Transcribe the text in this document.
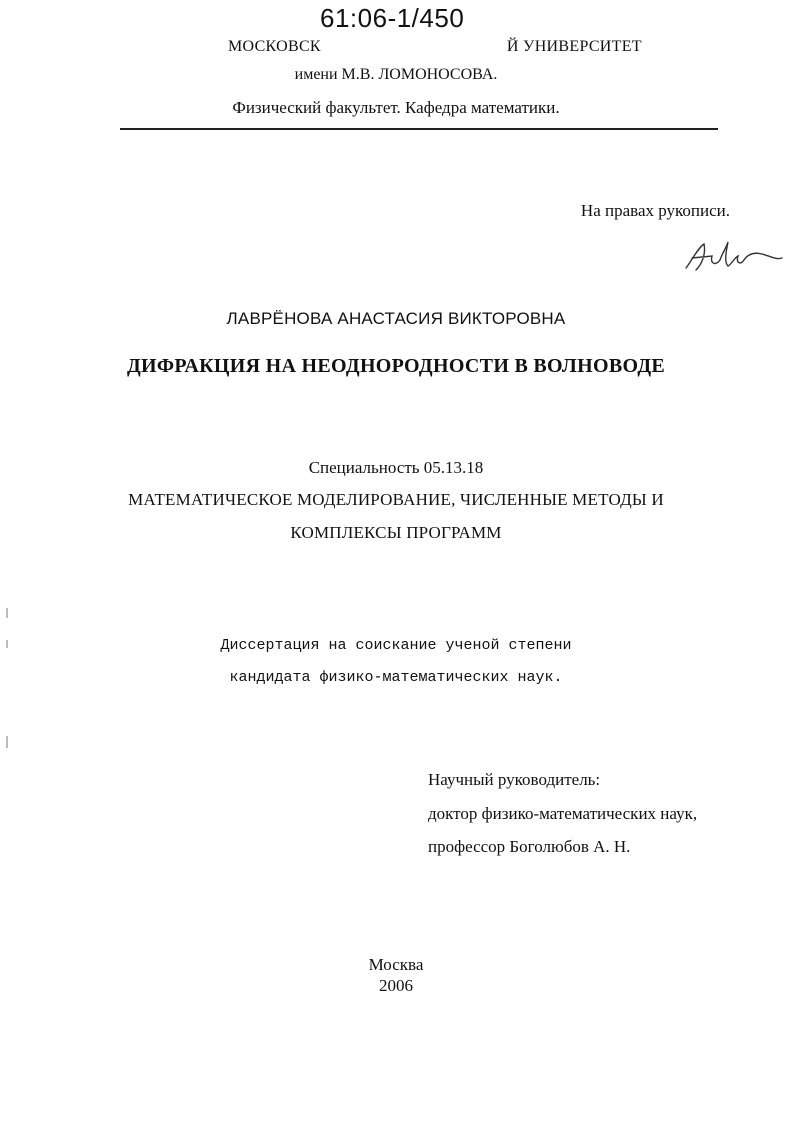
61:06-1/450
МОСКОВСК	Й УНИВЕРСИТЕТ
имени М.В. ЛОМОНОСОВА.
Физический факультет. Кафедра математики.
На правах рукописи.
ЛАВРЁНОВА АНАСТАСИЯ ВИКТОРОВНА
ДИФРАКЦИЯ НА НЕОДНОРОДНОСТИ В ВОЛНОВОДЕ
Специальность 05.13.18
МАТЕМАТИЧЕСКОЕ МОДЕЛИРОВАНИЕ, ЧИСЛЕННЫЕ МЕТОДЫ И
КОМПЛЕКСЫ ПРОГРАММ
Диссертация на соискание ученой степени
кандидата физико-математических наук.
Научный руководитель:
доктор физико-математических наук,
профессор Боголюбов А. Н.
Москва
2006
